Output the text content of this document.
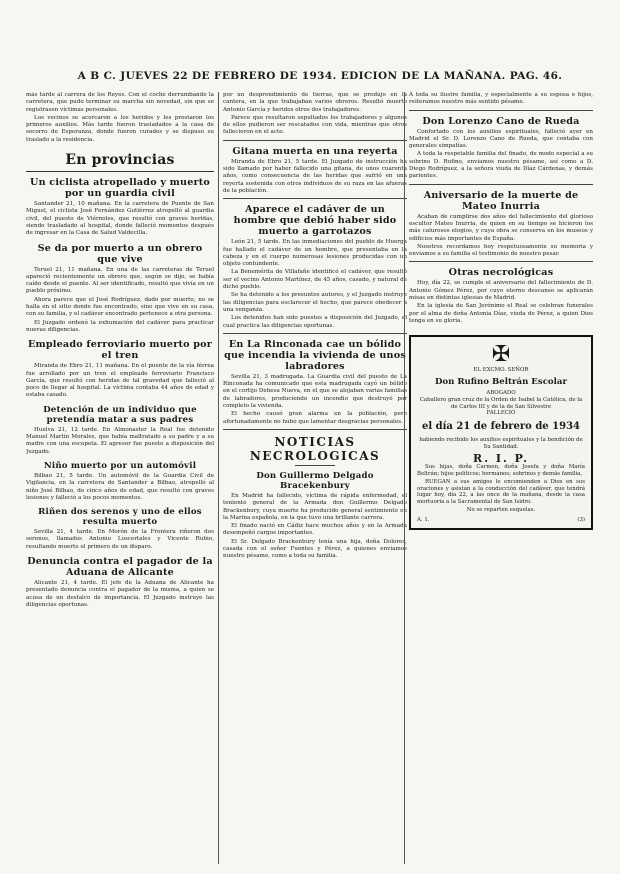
A B C. JUEVES 22 DE FEBRERO DE 1934. EDICION DE LA MAÑANA. PAG. 46.

más tarde al carrera de los Reyes. Con el coche derrumbando la carretera, que pudo terminar su marcha sin novedad, sin que se registrasen víctimas personales.

Los vecinos se acercaron a los heridos y les prestaron los primeros auxilios. Más tarde fueron trasladados a la casa de socorro de Esperanza, donde fueron curados y se dispuso su traslado a la residencia.

En provincias
Un ciclista atropellado y muerto por un guardia civil

Santander 21, 10 mañana. En la carretera de Puente de San Miguel, el ciclista José Fernández Gutiérrez atropelló al guardia civil, del puesto de Viérnoles, que resultó con graves heridas, siendo trasladado al hospital, donde falleció momentos después de ingresar en la Casa de Salud Valdecilla.

Se da por muerto a un obrero que vive

Teruel 21, 11 mañana. En una de las carreteras de Teruel apareció recientemente un obrero que, según se dijo, se había caído desde el puente. Al ser identificado, resultó que vivía en un pueblo próximo.

Ahora parece que el José Rodríguez, dado por muerto, no se halla en el sitio donde fue encontrado, sino que vive en su casa, con su familia, y el cadáver encontrado pertenece a otra persona.

El Juzgado ordenó la exhumación del cadáver para practicar nuevas diligencias.

Empleado ferroviario muerto por el tren

Miranda de Ebro 21, 11 mañana. En el puente de la vía férrea fue arrollado por un tren el empleado ferroviario Francisco García, que resultó con heridas de tal gravedad que falleció al poco de llegar al hospital. La víctima contaba 44 años de edad y estaba casado.

Detención de un individuo que pretendía matar a sus padres

Huelva 21, 12 tarde. En Almonaster la Real fue detenido Manuel Martín Morales, que había maltratado a su padre y a su madre con una escopeta. El agresor fue puesto a disposición del Juzgado.

Niño muerto por un automóvil

Bilbao 21, 5 tarde. Un automóvil de la Guardia Civil de Vigilancia, en la carretera de Santander a Bilbao, atropelló al niño José Bilbao, de cinco años de edad, que resultó con graves lesiones y falleció a los pocos momentos.

Riñen dos serenos y uno de ellos resulta muerto

Sevilla 21, 4 tarde. En Morón de la Frontera riñeron dos serenos, llamados Antonio Loscertales y Vicente Rubio, resultando muerto el primero de un disparo.

Denuncia contra el pagador de la Aduana de Alicante

Alicante 21, 4 tarde. El jefe de la Aduana de Alicante ha presentado denuncia contra el pagador de la misma, a quien se acusa de un desfalco de importancia. El Juzgado instruye las diligencias oportunas.

por un desprendimiento de tierras, que se produjo en la cantera, en la que trabajaban varios obreros. Resultó muerto Antonio García y heridos otros dos trabajadores.

Parece que resultaron sepultados los trabajadores y algunos de ellos pudieron ser rescatados con vida, mientras que otros fallecieron en el acto.

Gitana muerta en una reyerta

Miranda de Ebro 21, 5 tarde. El Juzgado de instrucción ha sido llamado por haber fallecido una gitana, de unos cuarenta años, como consecuencia de las heridas que sufrió en una reyerta sostenida con otros individuos de su raza en las afueras de la población.

Aparece el cadáver de un hombre que debió haber sido muerto a garrotazos

León 21, 5 tarde. En las inmediaciones del pueblo de Huerga fue hallado el cadáver de un hombre, que presentaba en la cabeza y en el cuerpo numerosas lesiones producidas con un objeto contundente.

La Benemérita de Villafañe identificó el cadáver, que resultó ser el vecino Antonio Martínez, de 45 años, casado, y natural de dicho pueblo.

Se ha detenido a los presuntos autores, y el Juzgado instruye las diligencias para esclarecer el hecho, que parece obedecer a una venganza.

Los detenidos han sido puestos a disposición del Juzgado, el cual practica las diligencias oportunas.

En La Rinconada cae un bólido que incendia la vivienda de unos labradores

Sevilla 21, 3 madrugada. La Guardia civil del puesto de La Rinconada ha comunicado que esta madrugada cayó un bólido en el cortijo Dehesa Nueva, en el que se alojaban varias familias de labradores, produciendo un incendio que destruyó por completo la vivienda.

El hecho causó gran alarma en la población, pero afortunadamente no hubo que lamentar desgracias personales.

NOTICIAS NECROLOGICAS
Don Guillermo Delgado Bracekenbury

En Madrid ha fallecido, víctima de rápida enfermedad, el teniente general de la Armada don Guillermo Delgado Brackenbury, cuya muerte ha producido general sentimiento en la Marina española, en la que tuvo una brillante carrera.

El finado nació en Cádiz hace muchos años y en la Armada desempeñó cargos importantes.

El Sr. Delgado Brackenbury tenía una hija, doña Dolores, casada con el señor Fuentes y Pérez, a quienes enviamos nuestro pésame, como a toda su familia.

A toda su ilustre familia, y especialmente a su esposa e hijos, reiteramos nuestro más sentido pésame.

Don Lorenzo Cano de Rueda

Confortado con los auxilios espirituales, falleció ayer en Madrid el Sr. D. Lorenzo Cano de Rueda, que contaba con generales simpatías.

A toda la respetable familia del finado, de modo especial a su sobrino D. Rufino, enviamos nuestro pésame, así como a D. Diego Rodríguez, a la señora viuda de Díaz Cárdenas, y demás parientes.

Aniversario de la muerte de Mateo Inurria

Acaban de cumplirse dos años del fallecimiento del glorioso escultor Mateo Inurria, de quien en su tiempo se hicieron los más calurosos elogios, y cuya obra se conserva en los museos y edificios más importantes de España.

Nosotros recordamos hoy respetuosamente su memoria y enviamos a su familia el testimonio de nuestro pesar.

Otras necrológicas

Hoy, día 22, se cumple el aniversario del fallecimiento de D. Antonio Gómez Pérez, por cuyo eterno descanso se aplicarán misas en distintas iglesias de Madrid.

En la iglesia de San Jerónimo el Real se celebran funerales por el alma de doña Antonia Díaz, viuda de Pérez, a quien Dios tenga en su gloria.

✠
EL EXCMO. SEÑOR
Don Rufino Beltrán Escolar
ABOGADO
Caballero gran cruz de la Orden de Isabel la Católica, de la de Carlos III y de la de San Silvestre
FALLECIÓ
el día 21 de febrero de 1934
habiendo recibido los auxilios espirituales y la bendición de Su Santidad.
R. I. P.

Sus hijas, doña Carmen, doña Josefa y doña María Beltrán; hijos políticos; hermanos; sobrinos y demás familia,

RUEGAN a sus amigos le encomienden a Dios en sus oraciones y asistan a la conducción del cadáver, que tendrá lugar hoy, día 22, a las once de la mañana, desde la casa mortuoria a la Sacramental de San Isidro.

No se reparten esquelas.
A. 1.	(3)
